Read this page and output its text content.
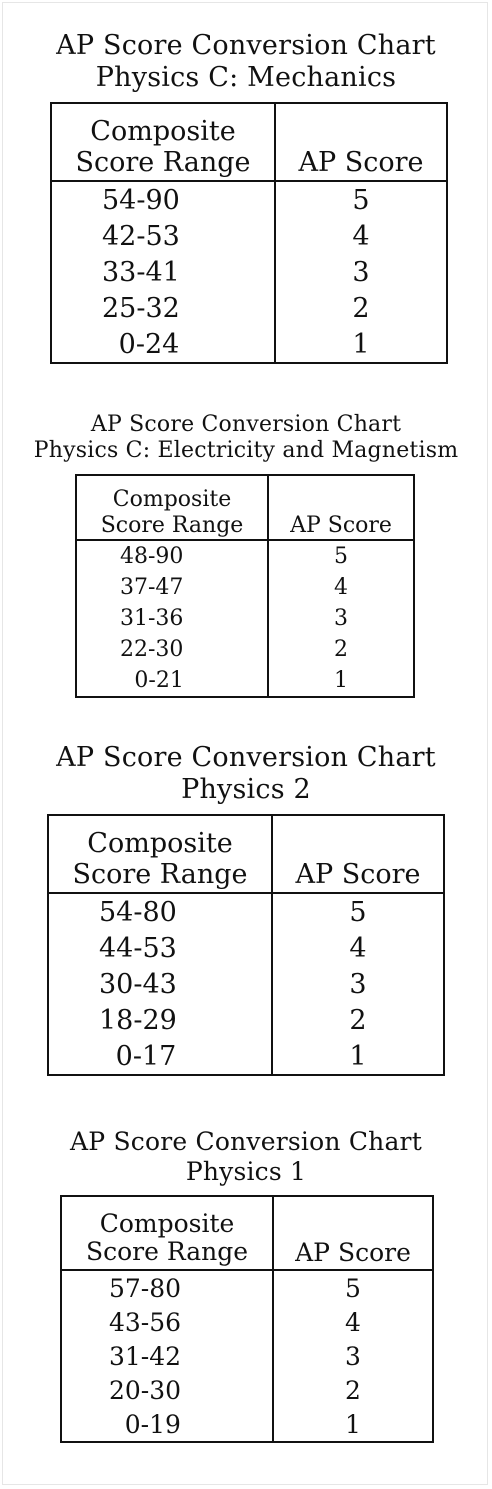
AP Score Conversion Chart

Physics C: Mechanics

Composite
Score Range	AP Score
54-90	5
42-53	4
33-41	3
25-32	2
0-24	1

AP Score Conversion Chart

Physics C: Electricity and Magnetism

Composite
Score Range	AP Score
48-90	5
37-47	4
31-36	3
22-30	2
0-21	1

AP Score Conversion Chart

Physics 2

Composite
Score Range	AP Score
54-80	5
44-53	4
30-43	3
18-29	2
0-17	1

AP Score Conversion Chart

Physics 1

Composite
Score Range	AP Score
57-80	5
43-56	4
31-42	3
20-30	2
0-19	1
